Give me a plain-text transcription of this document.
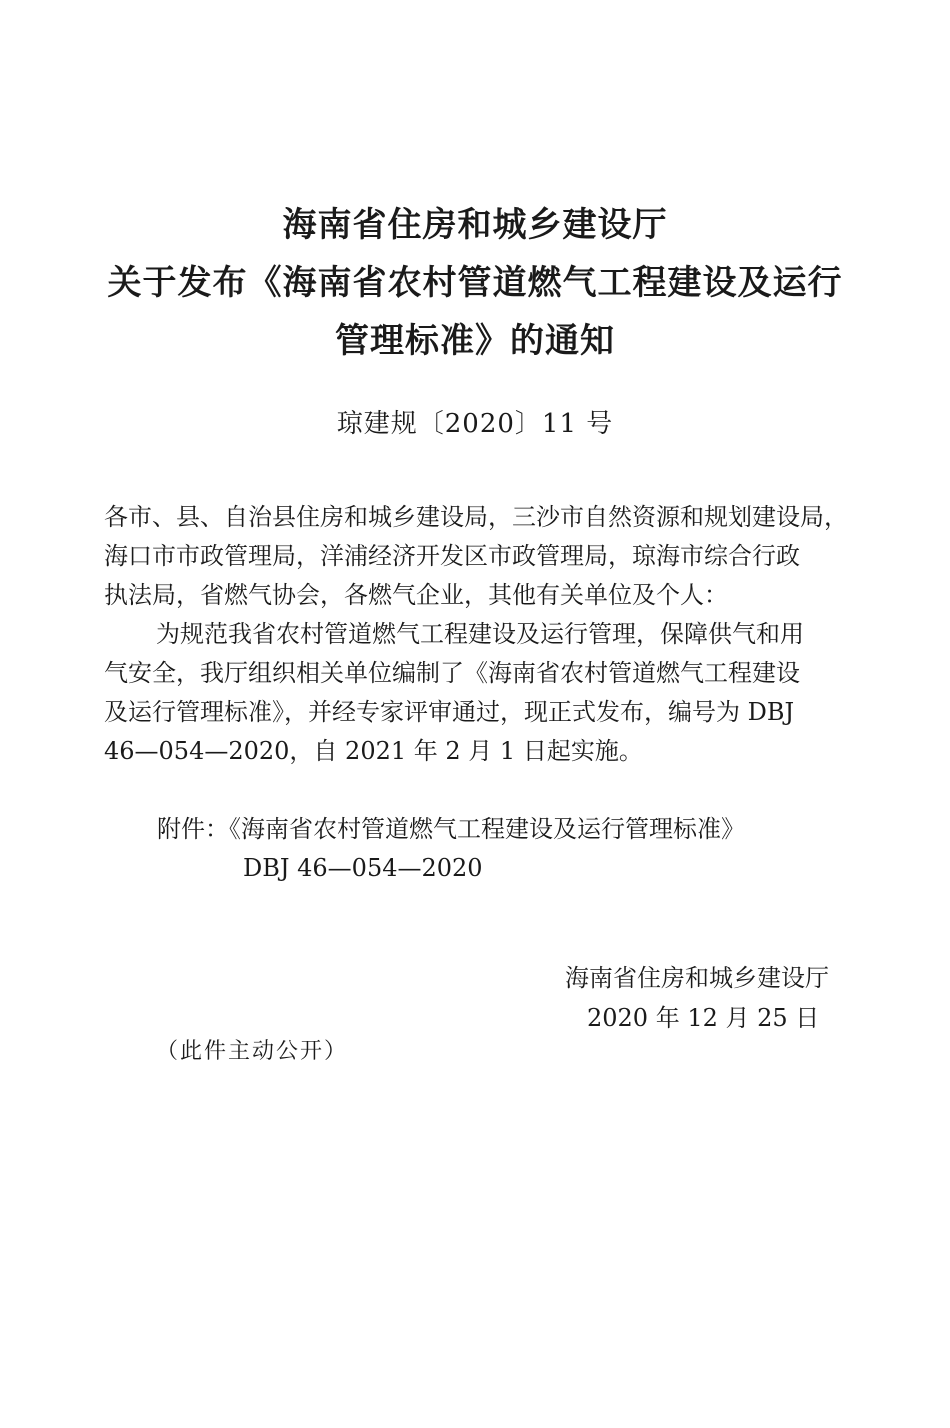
海南省住房和城乡建设厅
关于发布《海南省农村管道燃气工程建设及运行
管理标准》的通知
琼建规〔2020〕11 号
各市、县、自治县住房和城乡建设局，三沙市自然资源和规划建设局，
海口市市政管理局，洋浦经济开发区市政管理局，琼海市综合行政
执法局，省燃气协会，各燃气企业，其他有关单位及个人：
为规范我省农村管道燃气工程建设及运行管理，保障供气和用
气安全，我厅组织相关单位编制了《海南省农村管道燃气工程建设
及运行管理标准》，并经专家评审通过，现正式发布，编号为 DBJ
46—054—2020，自 2021 年 2 月 1 日起实施。
附件：《海南省农村管道燃气工程建设及运行管理标准》
DBJ 46—054—2020
海南省住房和城乡建设厅
2020 年 12 月 25 日
（此件主动公开）
